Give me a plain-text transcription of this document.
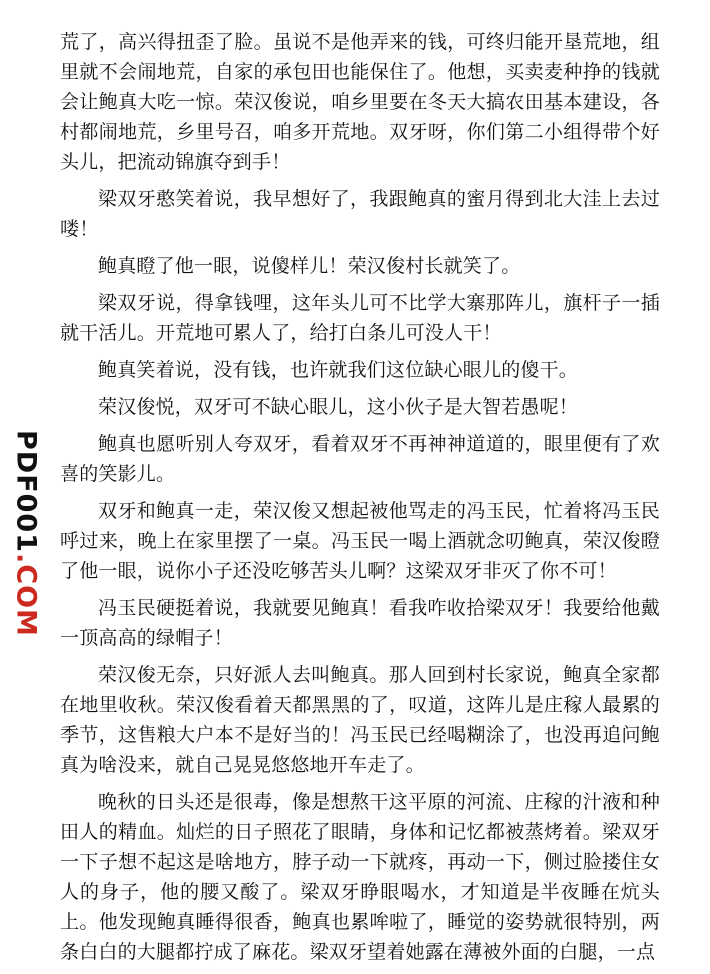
PDF001
.COM

荒了，高兴得扭歪了脸。虽说不是他弄来的钱，可终归能开垦荒地，组里就不会闹地荒，自家的承包田也能保住了。他想，买卖麦种挣的钱就会让鲍真大吃一惊。荣汉俊说，咱乡里要在冬天大搞农田基本建设，各村都闹地荒，乡里号召，咱多开荒地。双牙呀，你们第二小组得带个好头儿，把流动锦旗夺到手！

梁双牙憨笑着说，我早想好了，我跟鲍真的蜜月得到北大洼上去过喽！

鲍真瞪了他一眼，说傻样儿！荣汉俊村长就笑了。

梁双牙说，得拿钱哩，这年头儿可不比学大寨那阵儿，旗杆子一插就干活儿。开荒地可累人了，给打白条儿可没人干！

鲍真笑着说，没有钱，也许就我们这位缺心眼儿的傻干。

荣汉俊悦，双牙可不缺心眼儿，这小伙子是大智若愚呢！

鲍真也愿听别人夸双牙，看着双牙不再神神道道的，眼里便有了欢喜的笑影儿。

双牙和鲍真一走，荣汉俊又想起被他骂走的冯玉民，忙着将冯玉民呼过来，晚上在家里摆了一桌。冯玉民一喝上酒就念叨鲍真，荣汉俊瞪了他一眼，说你小子还没吃够苦头儿啊？这梁双牙非灭了你不可！

冯玉民硬挺着说，我就要见鲍真！看我咋收拾梁双牙！我要给他戴一顶高高的绿帽子！

荣汉俊无奈，只好派人去叫鲍真。那人回到村长家说，鲍真全家都在地里收秋。荣汉俊看着天都黑黑的了，叹道，这阵儿是庄稼人最累的季节，这售粮大户本不是好当的！冯玉民已经喝糊涂了，也没再追问鲍真为啥没来，就自己晃晃悠悠地开车走了。

晚秋的日头还是很毒，像是想熬干这平原的河流、庄稼的汁液和种田人的精血。灿烂的日子照花了眼睛，身体和记忆都被蒸烤着。梁双牙一下子想不起这是啥地方，脖子动一下就疼，再动一下，侧过脸搂住女人的身子，他的腰又酸了。梁双牙睁眼喝水，才知道是半夜睡在炕头上。他发现鲍真睡得很香，鲍真也累哞啦了，睡觉的姿势就很特别，两条白白的大腿都拧成了麻花。梁双牙望着她露在薄被外面的白腿，一点
